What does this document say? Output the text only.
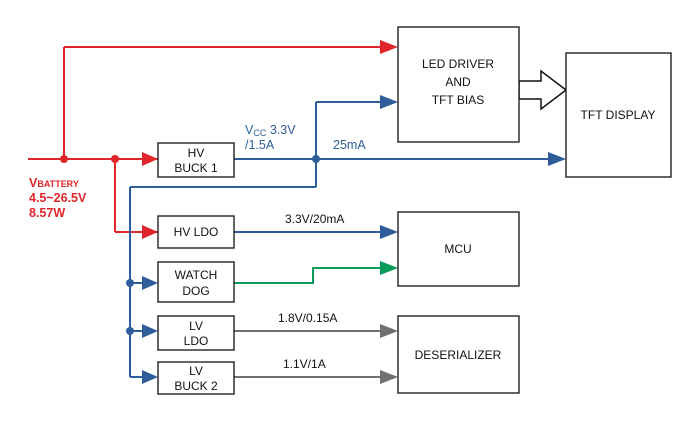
HV
BUCK 1
HV LDO
WATCH
DOG
LV
LDO
LV
BUCK 2
LED DRIVER
AND
TFT BIAS
TFT DISPLAY
MCU
DESERIALIZER
VBATTERY
4.5~26.5V
8.57W
VCC 3.3V
/1.5A	25mA
3.3V/20mA
1.8V/0.15A
1.1V/1A
